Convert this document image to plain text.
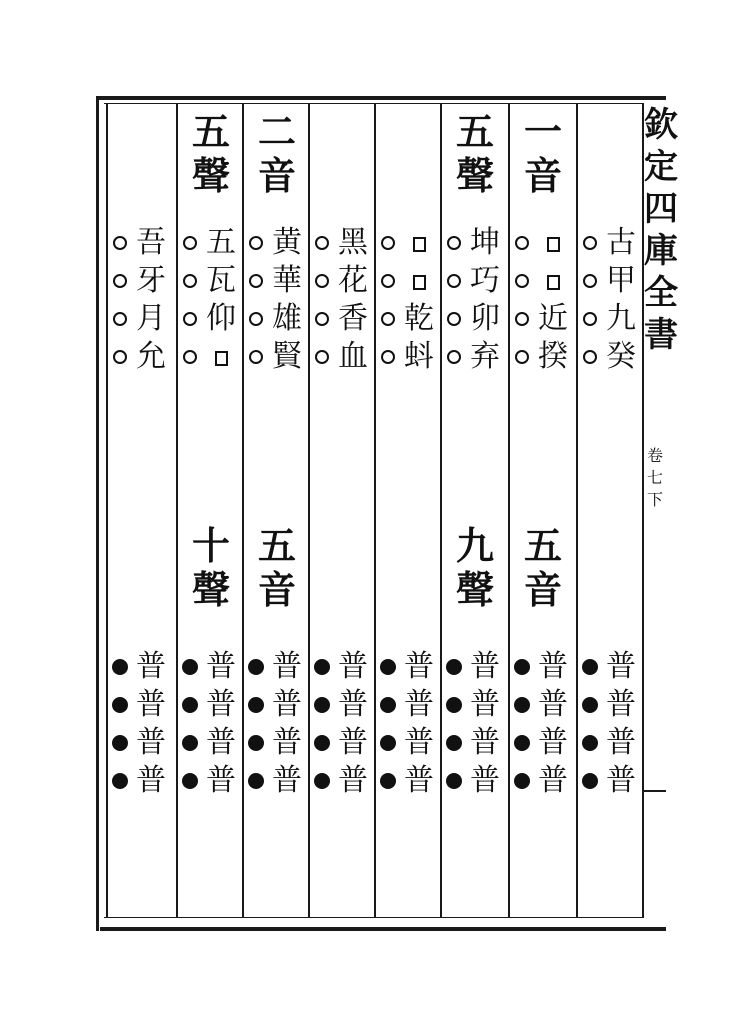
欽
定
四
庫
全
書
卷
七
下
古
甲
九
癸
普
普
普
普
一
音
五
音
近
揆
普
普
普
普
五
聲
九
聲
坤
巧
卯
弃
普
普
普
普
乾
蚪
普
普
普
普
黑
花
香
血
普
普
普
普
二
音
五
音
黄
華
雄
賢
普
普
普
普
五
聲
十
聲
五
瓦
仰
普
普
普
普
吾
牙
月
允
普
普
普
普
